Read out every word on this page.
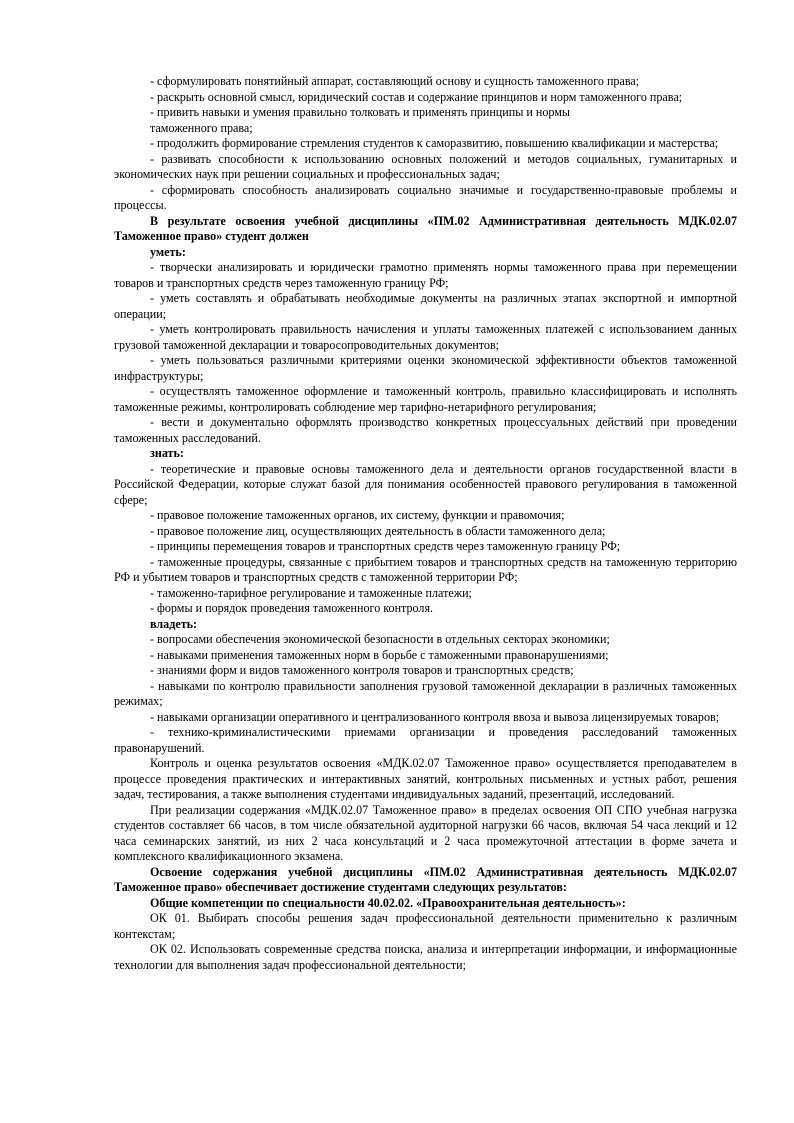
- сформулировать понятийный аппарат, составляющий основу и сущность таможенного права;

- раскрыть основной смысл, юридический состав и содержание принципов и норм таможенного права;

- привить навыки и умения правильно толковать и применять принципы и нормы

таможенного права;

- продолжить формирование стремления студентов к саморазвитию, повышению квалификации и мастерства;

- развивать способности к использованию основных положений и методов социальных, гуманитарных и экономических наук при решении социальных и профессиональных задач;

- сформировать способность анализировать социально значимые и государственно-правовые проблемы и процессы.

В результате освоения учебной дисциплины «ПМ.02 Административная деятельность МДК.02.07 Таможенное право» студент должен

уметь:

- творчески анализировать и юридически грамотно применять нормы таможенного права при перемещении товаров и транспортных средств через таможенную границу РФ;

- уметь составлять и обрабатывать необходимые документы на различных этапах экспортной и импортной операции;

- уметь контролировать правильность начисления и уплаты таможенных платежей с использованием данных грузовой таможенной декларации и товаросопроводительных документов;

- уметь пользоваться различными критериями оценки экономической эффективности объектов таможенной инфраструктуры;

- осуществлять таможенное оформление и таможенный контроль, правильно классифицировать и исполнять таможенные режимы, контролировать соблюдение мер тарифно-нетарифного регулирования;

- вести и документально оформлять производство конкретных процессуальных действий при проведении таможенных расследований.

знать:

- теоретические и правовые основы таможенного дела и деятельности органов государственной власти в Российской Федерации, которые служат базой для понимания особенностей правового регулирования в таможенной сфере;

- правовое положение таможенных органов, их систему, функции и правомочия;

- правовое положение лиц, осуществляющих деятельность в области таможенного дела;

- принципы перемещения товаров и транспортных средств через таможенную границу РФ;

- таможенные процедуры, связанные с прибытием товаров и транспортных средств на таможенную территорию РФ и убытием товаров и транспортных средств с таможенной территории РФ;

- таможенно-тарифное регулирование и таможенные платежи;

- формы и порядок проведения таможенного контроля.

владеть:

- вопросами обеспечения экономической безопасности в отдельных секторах экономики;

- навыками применения таможенных норм в борьбе с таможенными правонарушениями;

- знаниями форм и видов таможенного контроля товаров и транспортных средств;

- навыками по контролю правильности заполнения грузовой таможенной декларации в различных таможенных режимах;

- навыками организации оперативного и централизованного контроля ввоза и вывоза лицензируемых товаров;

- технико-криминалистическими приемами организации и проведения расследований таможенных правонарушений.

Контроль и оценка результатов освоения «МДК.02.07 Таможенное право» осуществляется преподавателем в процессе проведения практических и интерактивных занятий, контрольных письменных и устных работ, решения задач, тестирования, а также выполнения студентами индивидуальных заданий, презентаций, исследований.

При реализации содержания «МДК.02.07 Таможенное право» в пределах освоения ОП СПО учебная нагрузка студентов составляет 66 часов, в том числе обязательной аудиторной нагрузки 66 часов, включая 54 часа лекций и 12 часа семинарских занятий, из них 2 часа консультаций и 2 часа промежуточной аттестации в форме зачета и комплексного квалификационного экзамена.

Освоение содержания учебной дисциплины «ПМ.02 Административная деятельность МДК.02.07 Таможенное право» обеспечивает достижение студентами следующих результатов:

Общие компетенции по специальности 40.02.02. «Правоохранительная деятельность»:

ОК 01. Выбирать способы решения задач профессиональной деятельности применительно к различным контекстам;

ОК 02. Использовать современные средства поиска, анализа и интерпретации информации, и информационные технологии для выполнения задач профессиональной деятельности;
